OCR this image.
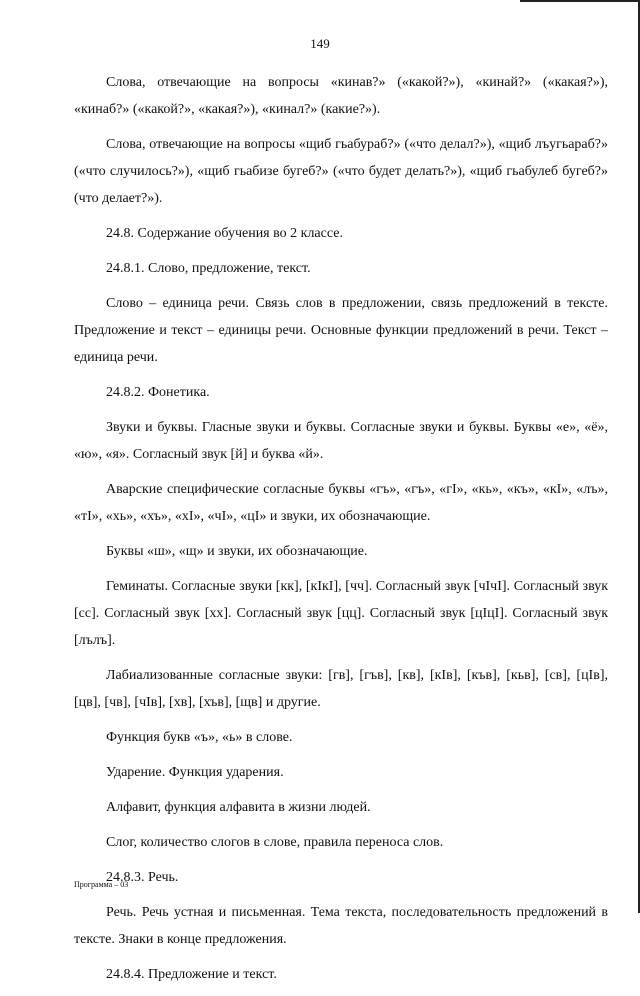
149

Слова, отвечающие на вопросы «кинав?» («какой?»), «кинай?» («какая?»), «кинаб?» («какой?», «какая?»), «кинал?» (какие?»).

Слова, отвечающие на вопросы «щиб гьабураб?» («что делал?»), «щиб лъугьараб?» («что случилось?»), «щиб гьабизе бугеб?» («что будет делать?»), «щиб гьабулеб бугеб?» (что делает?»).

24.8. Содержание обучения во 2 классе.

24.8.1. Слово, предложение, текст.

Слово – единица речи. Связь слов в предложении, связь предложений в тексте. Предложение и текст – единицы речи. Основные функции предложений в речи. Текст – единица речи.

24.8.2. Фонетика.

Звуки и буквы. Гласные звуки и буквы. Согласные звуки и буквы. Буквы «е», «ё», «ю», «я». Согласный звук [й] и буква «й».

Аварские специфические согласные буквы «гъ», «гъ», «гI», «кь», «къ», «кI», «лъ», «тI», «хь», «хъ», «хI», «чI», «цI» и звуки, их обозначающие.

Буквы «ш», «щ» и звуки, их обозначающие.

Геминаты. Согласные звуки [кк], [кIкI], [чч]. Согласный звук [чIчI]. Согласный звук [сс]. Согласный звук [хх]. Согласный звук [цц]. Согласный звук [цIцI]. Согласный звук [лълъ].

Лабиализованные согласные звуки: [гв], [гъв], [кв], [кIв], [къв], [кьв], [св], [цIв], [цв], [чв], [чIв], [хв], [хъв], [щв] и другие.

Функция букв «ъ», «ь» в слове.

Ударение. Функция ударения.

Алфавит, функция алфавита в жизни людей.

Слог, количество слогов в слове, правила переноса слов.

24.8.3. Речь.

Речь. Речь устная и письменная. Тема текста, последовательность предложений в тексте. Знаки в конце предложения.

24.8.4. Предложение и текст.

Программа – 03
